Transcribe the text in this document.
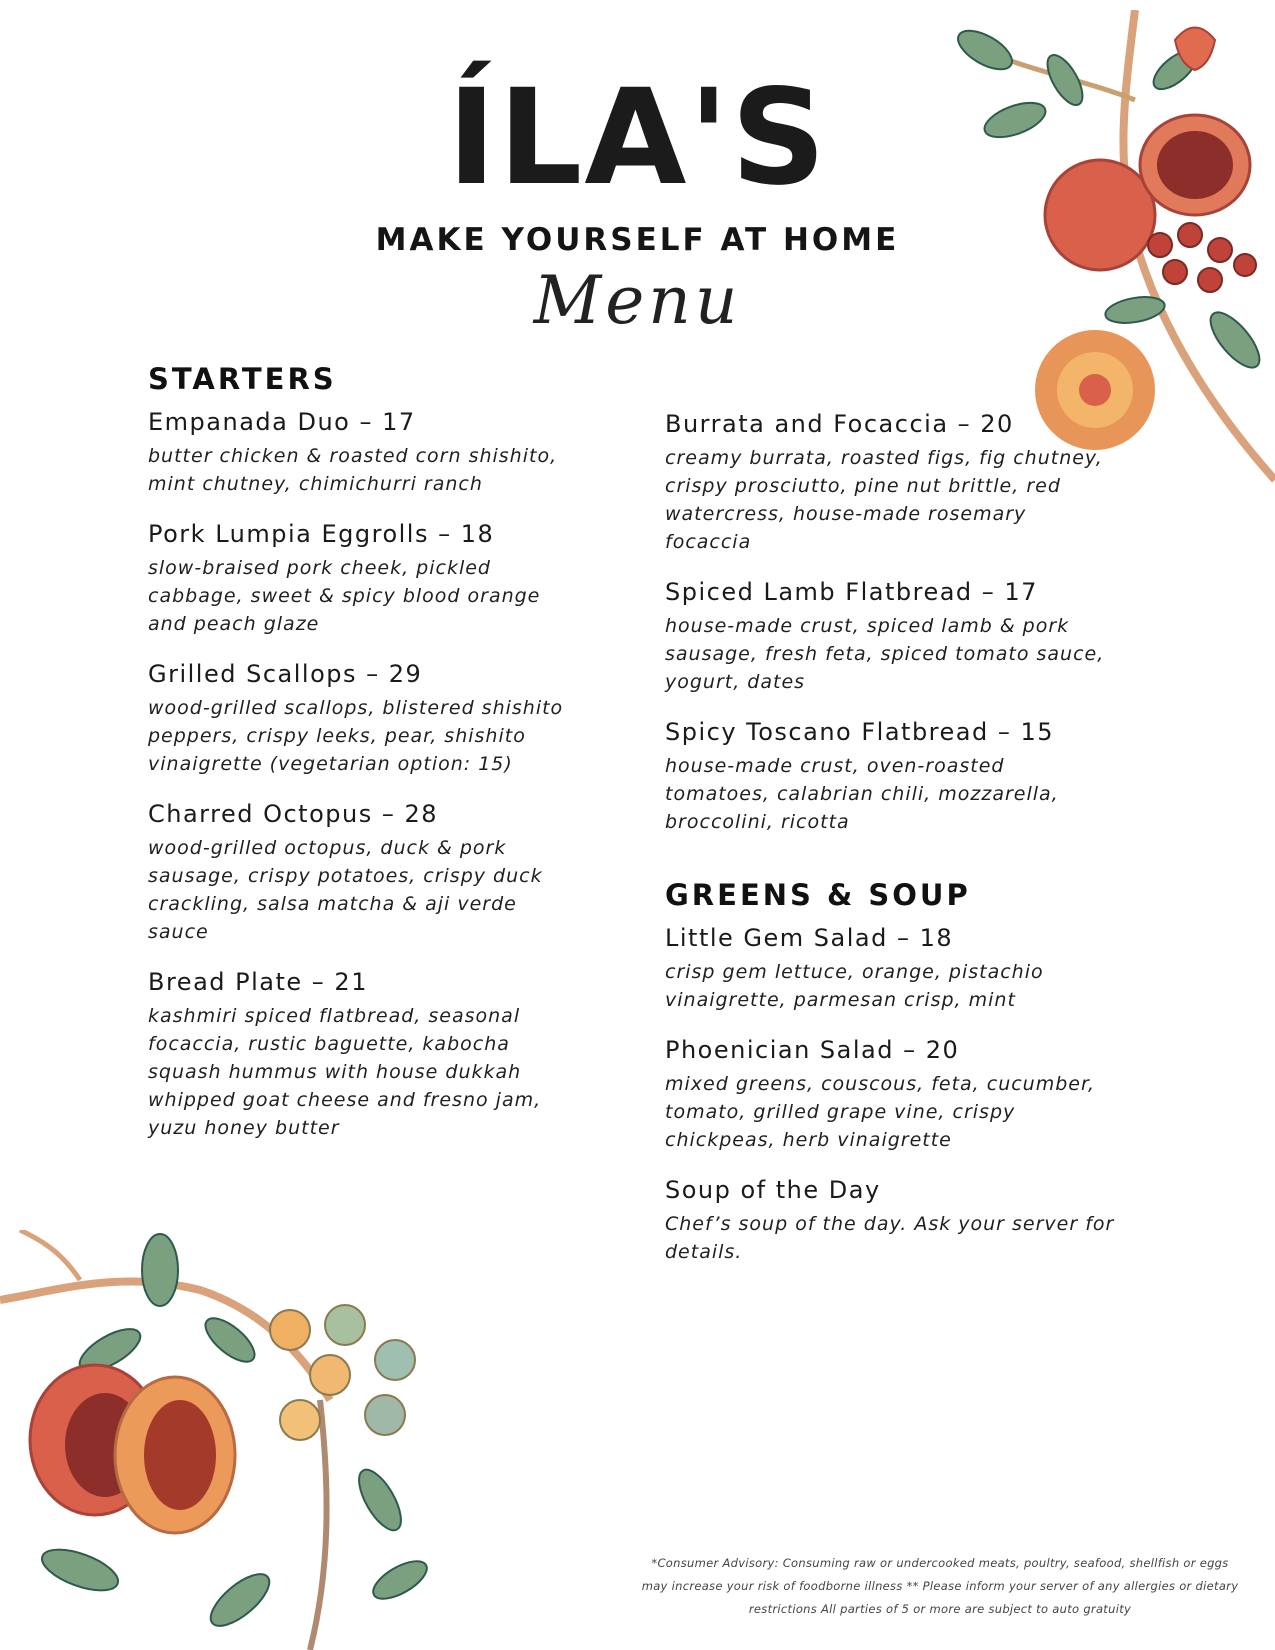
ÍLA'S
MAKE YOURSELF AT HOME
Menu
STARTERS
Empanada Duo – 17
butter chicken & roasted corn shishito, mint chutney, chimichurri ranch
Pork Lumpia Eggrolls – 18
slow-braised pork cheek, pickled cabbage, sweet & spicy blood orange and peach glaze
Grilled Scallops – 29
wood-grilled scallops, blistered shishito peppers, crispy leeks, pear, shishito vinaigrette (vegetarian option: 15)
Charred Octopus – 28
wood-grilled octopus, duck & pork sausage, crispy potatoes, crispy duck crackling, salsa matcha & aji verde sauce
Bread Plate – 21
kashmiri spiced flatbread, seasonal focaccia, rustic baguette, kabocha squash hummus with house dukkah whipped goat cheese and fresno jam, yuzu honey butter
Burrata and Focaccia – 20
creamy burrata, roasted figs, fig chutney, crispy prosciutto, pine nut brittle, red watercress, house-made rosemary focaccia
Spiced Lamb Flatbread – 17
house-made crust, spiced lamb & pork sausage, fresh feta, spiced tomato sauce, yogurt, dates
Spicy Toscano Flatbread – 15
house-made crust, oven-roasted tomatoes, calabrian chili, mozzarella, broccolini, ricotta
GREENS & SOUP
Little Gem Salad – 18
crisp gem lettuce, orange, pistachio vinaigrette, parmesan crisp, mint
Phoenician Salad – 20
mixed greens, couscous, feta, cucumber, tomato, grilled grape vine, crispy chickpeas, herb vinaigrette
Soup of the Day
Chef’s soup of the day. Ask your server for details.
*Consumer Advisory: Consuming raw or undercooked meats, poultry, seafood, shellfish or eggs may increase your risk of foodborne illness ** Please inform your server of any allergies or dietary restrictions All parties of 5 or more are subject to auto gratuity
